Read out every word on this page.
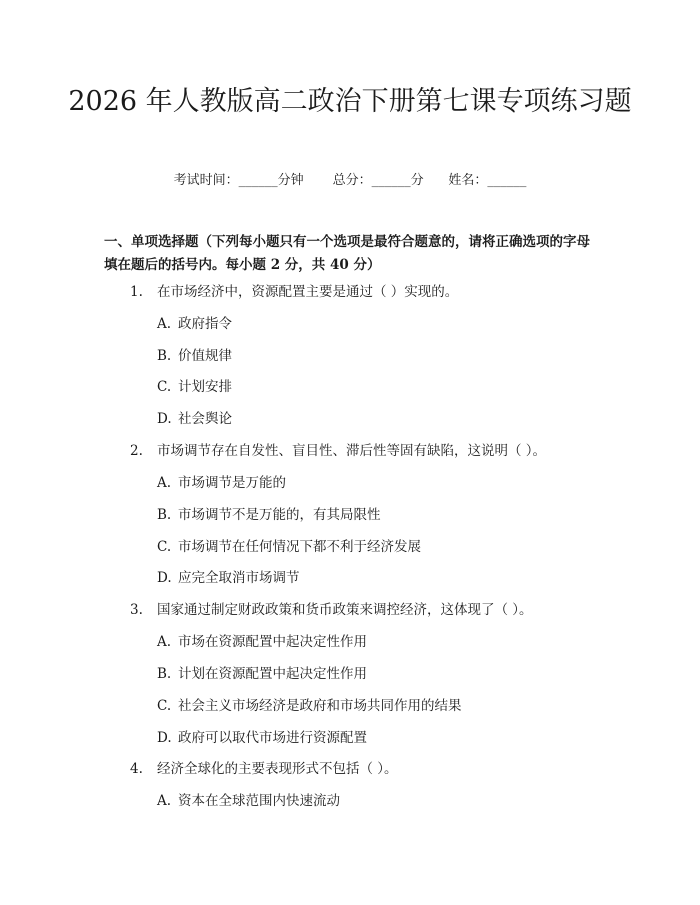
2026 年人教版高二政治下册第七课专项练习题
考试时间：______分钟 总分：______分 姓名：______

一、单项选择题（下列每小题只有一个选项是最符合题意的，请将正确选项的字母填在题后的括号内。每小题 2 分，共 40 分）

1. 在市场经济中，资源配置主要是通过（ ）实现的。
A. 政府指令
B. 价值规律
C. 计划安排
D. 社会舆论
2. 市场调节存在自发性、盲目性、滞后性等固有缺陷，这说明（ ）。
A. 市场调节是万能的
B. 市场调节不是万能的，有其局限性
C. 市场调节在任何情况下都不利于经济发展
D. 应完全取消市场调节
3. 国家通过制定财政政策和货币政策来调控经济，这体现了（ ）。
A. 市场在资源配置中起决定性作用
B. 计划在资源配置中起决定性作用
C. 社会主义市场经济是政府和市场共同作用的结果
D. 政府可以取代市场进行资源配置
4. 经济全球化的主要表现形式不包括（ ）。
A. 资本在全球范围内快速流动
